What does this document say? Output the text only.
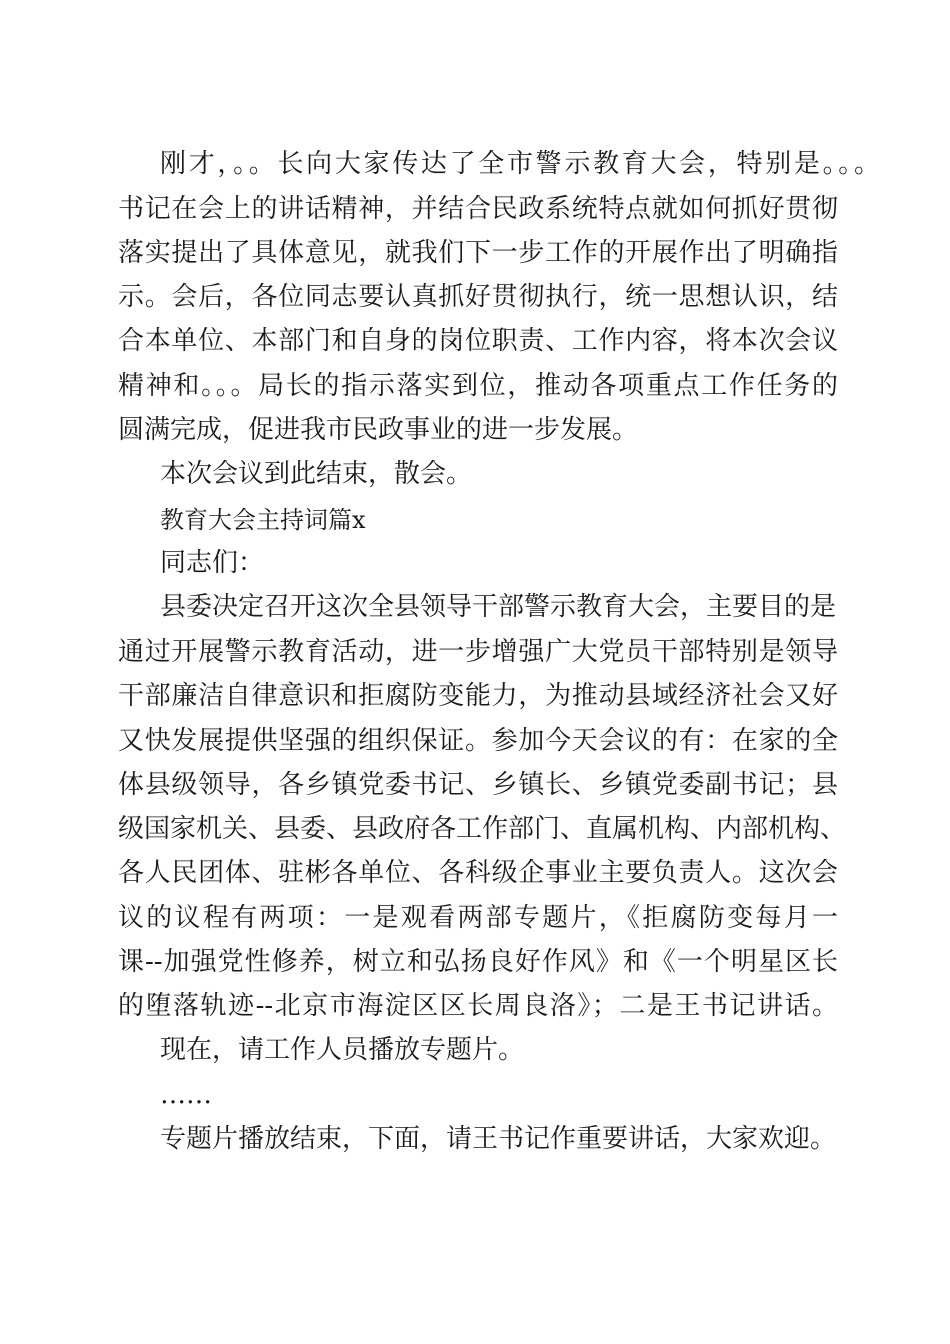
刚才，。。长向大家传达了全市警示教育大会，特别是。。。
书记在会上的讲话精神，并结合民政系统特点就如何抓好贯彻
落实提出了具体意见，就我们下一步工作的开展作出了明确指
示。会后，各位同志要认真抓好贯彻执行，统一思想认识，结
合本单位、本部门和自身的岗位职责、工作内容，将本次会议
精神和。。。局长的指示落实到位，推动各项重点工作任务的
圆满完成，促进我市民政事业的进一步发展。
本次会议到此结束，散会。
教育大会主持词篇x
同志们：
县委决定召开这次全县领导干部警示教育大会，主要目的是
通过开展警示教育活动，进一步增强广大党员干部特别是领导
干部廉洁自律意识和拒腐防变能力，为推动县域经济社会又好
又快发展提供坚强的组织保证。参加今天会议的有：在家的全
体县级领导，各乡镇党委书记、乡镇长、乡镇党委副书记；县
级国家机关、县委、县政府各工作部门、直属机构、内部机构、
各人民团体、驻彬各单位、各科级企事业主要负责人。这次会
议的议程有两项：一是观看两部专题片，《拒腐防变每月一
课--加强党性修养，树立和弘扬良好作风》和《一个明星区长
的堕落轨迹--北京市海淀区区长周良洛》；二是王书记讲话。
现在，请工作人员播放专题片。
……
专题片播放结束，下面，请王书记作重要讲话，大家欢迎。
